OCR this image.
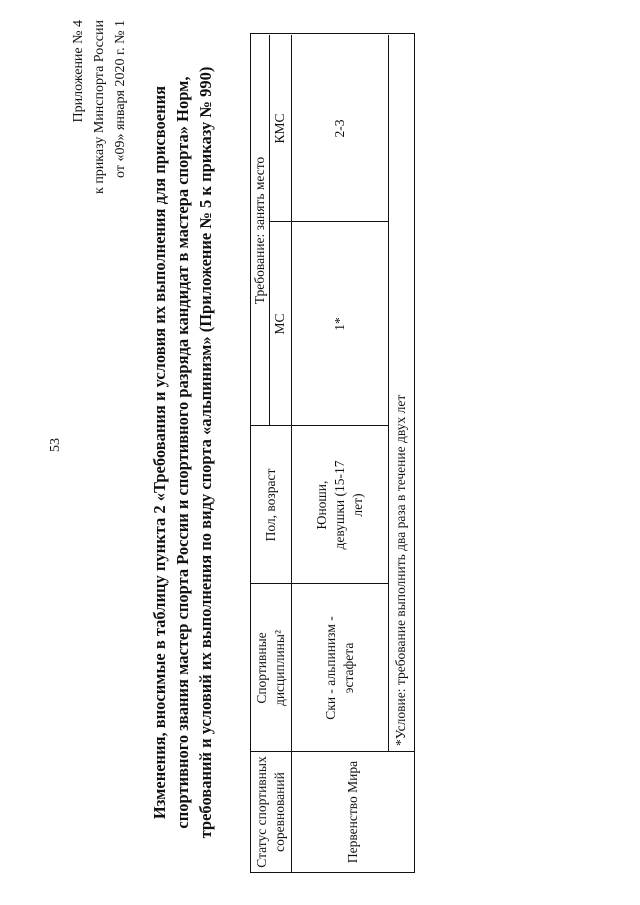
53
Приложение № 4 к приказу Минспорта России от «09» января 2020 г. № 1 Изменения, вносимые в таблицу пункта 2 «Требования и условия их выполнения для присвоения спортивного звания мастер спорта России и спортивного разряда кандидат в мастера спорта» Норм, требований и условий их выполнения по виду спорта «альпинизм» (Приложение № 5 к приказу № 990)	Статус спортивных соревнований
Спортивные дисциплины²
Пол, возраст
Требование: занять место
МС
КМС
Первенство Мира
Ски - альпинизм - эстафета
Юноши, девушки (15-17 лет)
1*
2-3
*Условие: требование выполнить два раза в течение двух лет
